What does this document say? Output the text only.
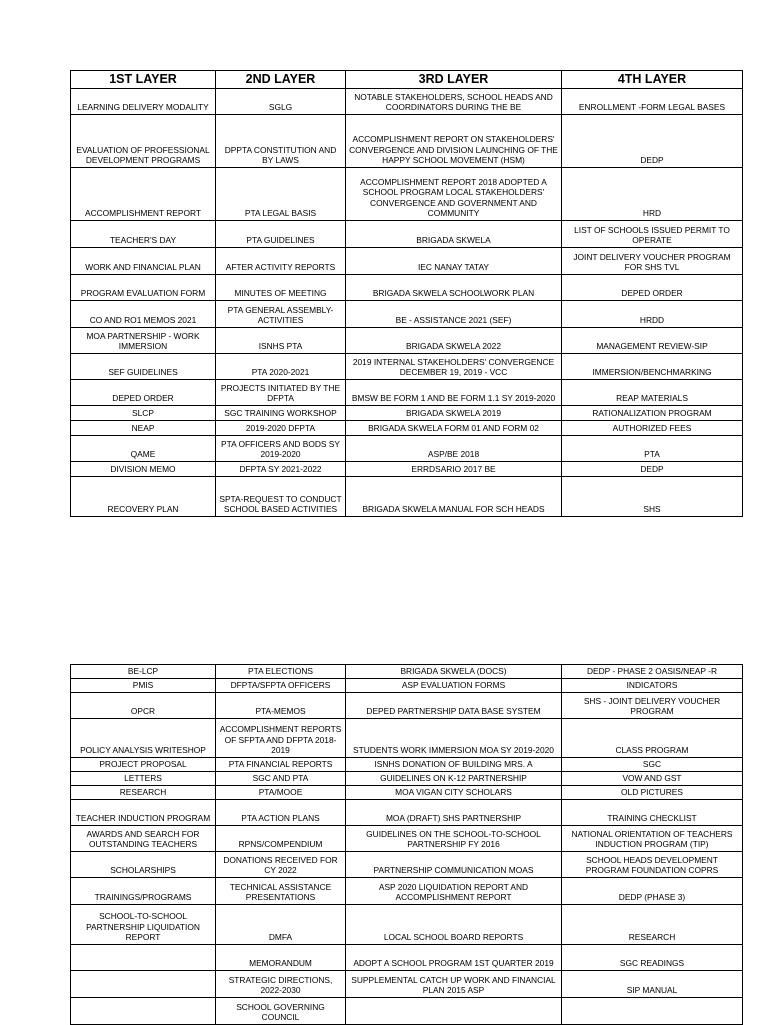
1ST LAYER	2ND LAYER	3RD LAYER	4TH LAYER
LEARNING DELIVERY MODALITY	SGLG	NOTABLE STAKEHOLDERS, SCHOOL HEADS AND COORDINATORS DURING THE BE	ENROLLMENT -FORM LEGAL BASES
EVALUATION OF PROFESSIONAL DEVELOPMENT PROGRAMS	DPPTA CONSTITUTION AND BY LAWS	ACCOMPLISHMENT REPORT ON STAKEHOLDERS' CONVERGENCE AND DIVISION LAUNCHING OF THE HAPPY SCHOOL MOVEMENT (HSM)	DEDP
ACCOMPLISHMENT REPORT	PTA LEGAL BASIS	ACCOMPLISHMENT REPORT 2018 ADOPTED A SCHOOL PROGRAM LOCAL STAKEHOLDERS' CONVERGENCE AND GOVERNMENT AND COMMUNITY	HRD
TEACHER'S DAY	PTA GUIDELINES	BRIGADA SKWELA	LIST OF SCHOOLS ISSUED PERMIT TO OPERATE
WORK AND FINANCIAL PLAN	AFTER ACTIVITY REPORTS	IEC NANAY TATAY	JOINT DELIVERY VOUCHER PROGRAM FOR SHS TVL
PROGRAM EVALUATION FORM	MINUTES OF MEETING	BRIGADA SKWELA SCHOOLWORK PLAN	DEPED ORDER
CO AND RO1 MEMOS 2021	PTA GENERAL ASSEMBLY-ACTIVITIES	BE - ASSISTANCE 2021 (SEF)	HRDD
MOA PARTNERSHIP - WORK IMMERSION	ISNHS PTA	BRIGADA SKWELA 2022	MANAGEMENT REVIEW-SIP
SEF GUIDELINES	PTA 2020-2021	2019 INTERNAL STAKEHOLDERS' CONVERGENCE DECEMBER 19, 2019 - VCC	IMMERSION/BENCHMARKING
DEPED ORDER	PROJECTS INITIATED BY THE DFPTA	BMSW BE FORM 1 AND BE FORM 1.1 SY 2019-2020	REAP MATERIALS
SLCP	SGC TRAINING WORKSHOP	BRIGADA SKWELA 2019	RATIONALIZATION PROGRAM
NEAP	2019-2020 DFPTA	BRIGADA SKWELA FORM 01 AND FORM 02	AUTHORIZED FEES
QAME	PTA OFFICERS AND BODS SY 2019-2020	ASP/BE 2018	PTA
DIVISION MEMO	DFPTA SY 2021-2022	ERRDSARIO 2017 BE	DEDP
RECOVERY PLAN	SPTA-REQUEST TO CONDUCT SCHOOL BASED ACTIVITIES	BRIGADA SKWELA MANUAL FOR SCH HEADS	SHS
BE-LCP	PTA ELECTIONS	BRIGADA SKWELA (DOCS)	DEDP - PHASE 2 OASIS/NEAP -R
PMIS	DFPTA/SFPTA OFFICERS	ASP EVALUATION FORMS	INDICATORS
OPCR	PTA-MEMOS	DEPED PARTNERSHIP DATA BASE SYSTEM	SHS - JOINT DELIVERY VOUCHER PROGRAM
POLICY ANALYSIS WRITESHOP	ACCOMPLISHMENT REPORTS OF SFPTA AND DFPTA 2018-2019	STUDENTS WORK IMMERSION MOA SY 2019-2020	CLASS PROGRAM
PROJECT PROPOSAL	PTA FINANCIAL REPORTS	ISNHS DONATION OF BUILDING MRS. A	SGC
LETTERS	SGC AND PTA	GUIDELINES ON K-12 PARTNERSHIP	VOW AND GST
RESEARCH	PTA/MOOE	MOA VIGAN CITY SCHOLARS	OLD PICTURES
TEACHER INDUCTION PROGRAM	PTA ACTION PLANS	MOA (DRAFT) SHS PARTNERSHIP	TRAINING CHECKLIST
AWARDS AND SEARCH FOR OUTSTANDING TEACHERS	RPNS/COMPENDIUM	GUIDELINES ON THE SCHOOL-TO-SCHOOL PARTNERSHIP FY 2016	NATIONAL ORIENTATION OF TEACHERS INDUCTION PROGRAM (TIP)
SCHOLARSHIPS	DONATIONS RECEIVED FOR CY 2022	PARTNERSHIP COMMUNICATION MOAS	SCHOOL HEADS DEVELOPMENT PROGRAM FOUNDATION COPRS
TRAININGS/PROGRAMS	TECHNICAL ASSISTANCE PRESENTATIONS	ASP 2020 LIQUIDATION REPORT AND ACCOMPLISHMENT REPORT	DEDP (PHASE 3)
SCHOOL-TO-SCHOOL PARTNERSHIP LIQUIDATION REPORT	DMFA	LOCAL SCHOOL BOARD REPORTS	RESEARCH
	MEMORANDUM	ADOPT A SCHOOL PROGRAM 1ST QUARTER 2019	SGC READINGS
	STRATEGIC DIRECTIONS, 2022-2030	SUPPLEMENTAL CATCH UP WORK AND FINANCIAL PLAN 2015 ASP	SIP MANUAL
	SCHOOL GOVERNING COUNCIL		
